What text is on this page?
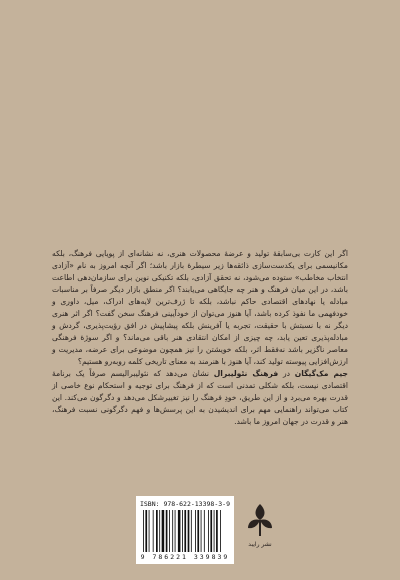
اگر این کارت بی‌سابقهٔ تولید و عرضهٔ محصولات هنری، نه نشانه‌ای از پویایی فرهنگ، بلکه مکانیسمی برای یکدست‌سازی ذائقه‌ها زیر سیطرهٔ بازار باشد؛ اگر آنچه امروز به نام «آزادی انتخاب مخاطب» ستوده می‌شود، نه تحقق آزادی، بلکه تکنیکی نوین برای سازمان‌دهی اطاعت باشد، در این میان فرهنگ و هنر چه جایگاهی می‌یابند؟ اگر منطق بازار دیگر صرفاً بر مناسبات مبادله یا نهادهای اقتصادی حاکم نباشد، بلکه تا ژرف‌ترین لایه‌های ادراک، میل، داوری و خودفهمی ما نفوذ کرده باشد، آیا هنوز می‌توان از خودآیینی فرهنگ سخن گفت؟ اگر اثر هنری دیگر نه با نسبتش با حقیقت، تجربه یا آفرینش بلکه پیشاپیش در افق رؤیت‌پذیری، گردش و مبادله‌پذیری تعین یابد، چه چیزی از امکان انتقادی هنر باقی می‌ماند؟ و اگر سوژهٔ فرهنگی معاصر ناگزیر باشد نه‌فقط اثر، بلکه خویشتن را نیز همچون موضوعی برای عرضه، مدیریت و ارزش‌افزایی پیوسته تولید کند، آیا هنوز با هنرمند به معنای تاریخی کلمه روبه‌رو هستیم؟

جیم مک‌گیگان در فرهنگ نئولیبرال نشان می‌دهد که نئولیبرالیسم صرفاً یک برنامهٔ اقتصادی نیست، بلکه شکلی تمدنی است که از فرهنگ برای توجیه و استحکام نوع خاصی از قدرت بهره می‌برد و از این طریق، خودِ فرهنگ را نیز تغییرشکل می‌دهد و دگرگون می‌کند. این کتاب می‌تواند راهنمایی مهم برای اندیشیدن به این پرسش‌ها و فهم دگرگونی نسبت فرهنگ، هنر و قدرت در جهان امروز ما باشد.

ISBN: 978-622-13398-3-9
9 786221 339839
نشر رایبد
